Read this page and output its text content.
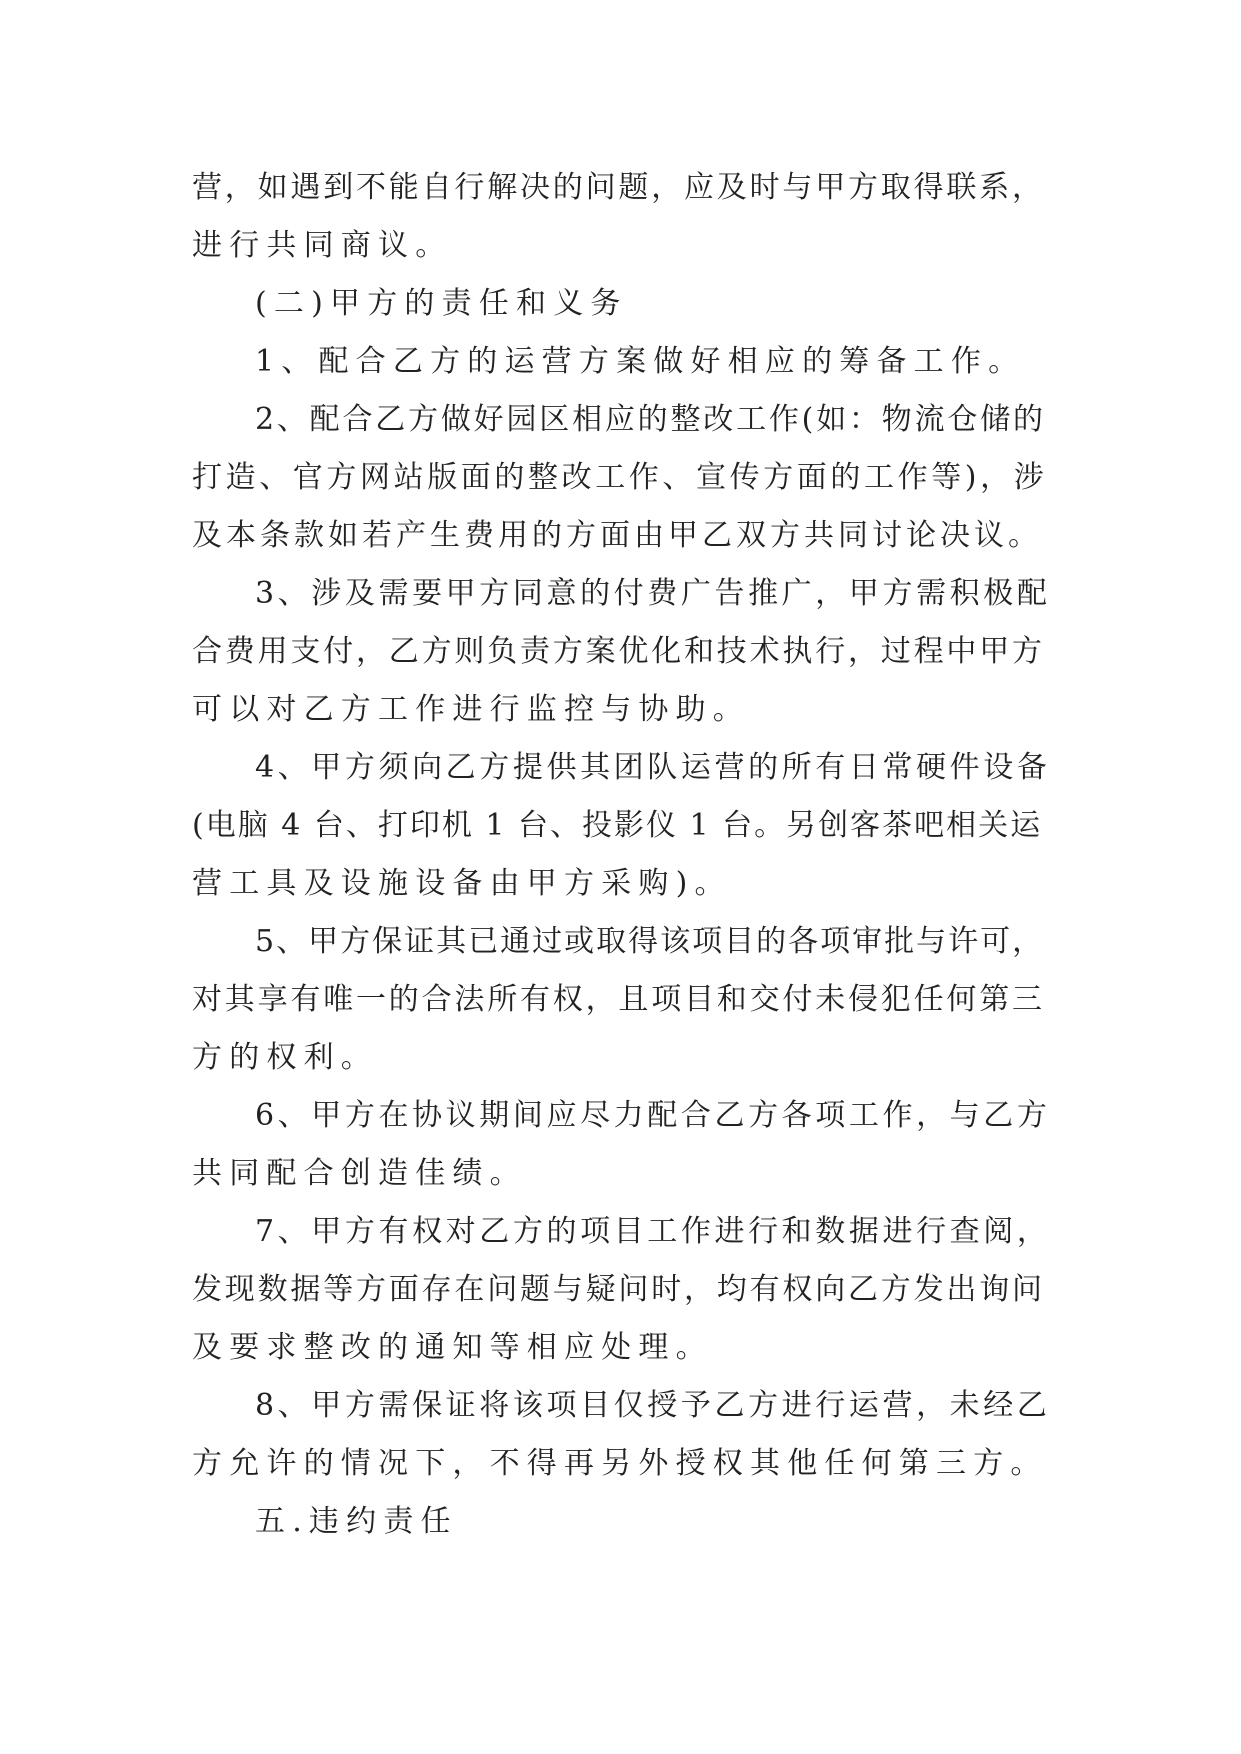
营，如遇到不能自行解决的问题，应及时与甲方取得联系，

进行共同商议。

(二)甲方的责任和义务

1、配合乙方的运营方案做好相应的筹备工作。

2、配合乙方做好园区相应的整改工作(如：物流仓储的

打造、官方网站版面的整改工作、宣传方面的工作等)，涉

及本条款如若产生费用的方面由甲乙双方共同讨论决议。

3、涉及需要甲方同意的付费广告推广，甲方需积极配

合费用支付，乙方则负责方案优化和技术执行，过程中甲方

可以对乙方工作进行监控与协助。

4、甲方须向乙方提供其团队运营的所有日常硬件设备

(电脑 4 台、打印机 1 台、投影仪 1 台。另创客茶吧相关运

营工具及设施设备由甲方采购)。

5、甲方保证其已通过或取得该项目的各项审批与许可，

对其享有唯一的合法所有权，且项目和交付未侵犯任何第三

方的权利。

6、甲方在协议期间应尽力配合乙方各项工作，与乙方

共同配合创造佳绩。

7、甲方有权对乙方的项目工作进行和数据进行查阅，

发现数据等方面存在问题与疑问时，均有权向乙方发出询问

及要求整改的通知等相应处理。

8、甲方需保证将该项目仅授予乙方进行运营，未经乙

方允许的情况下，不得再另外授权其他任何第三方。

五.违约责任
